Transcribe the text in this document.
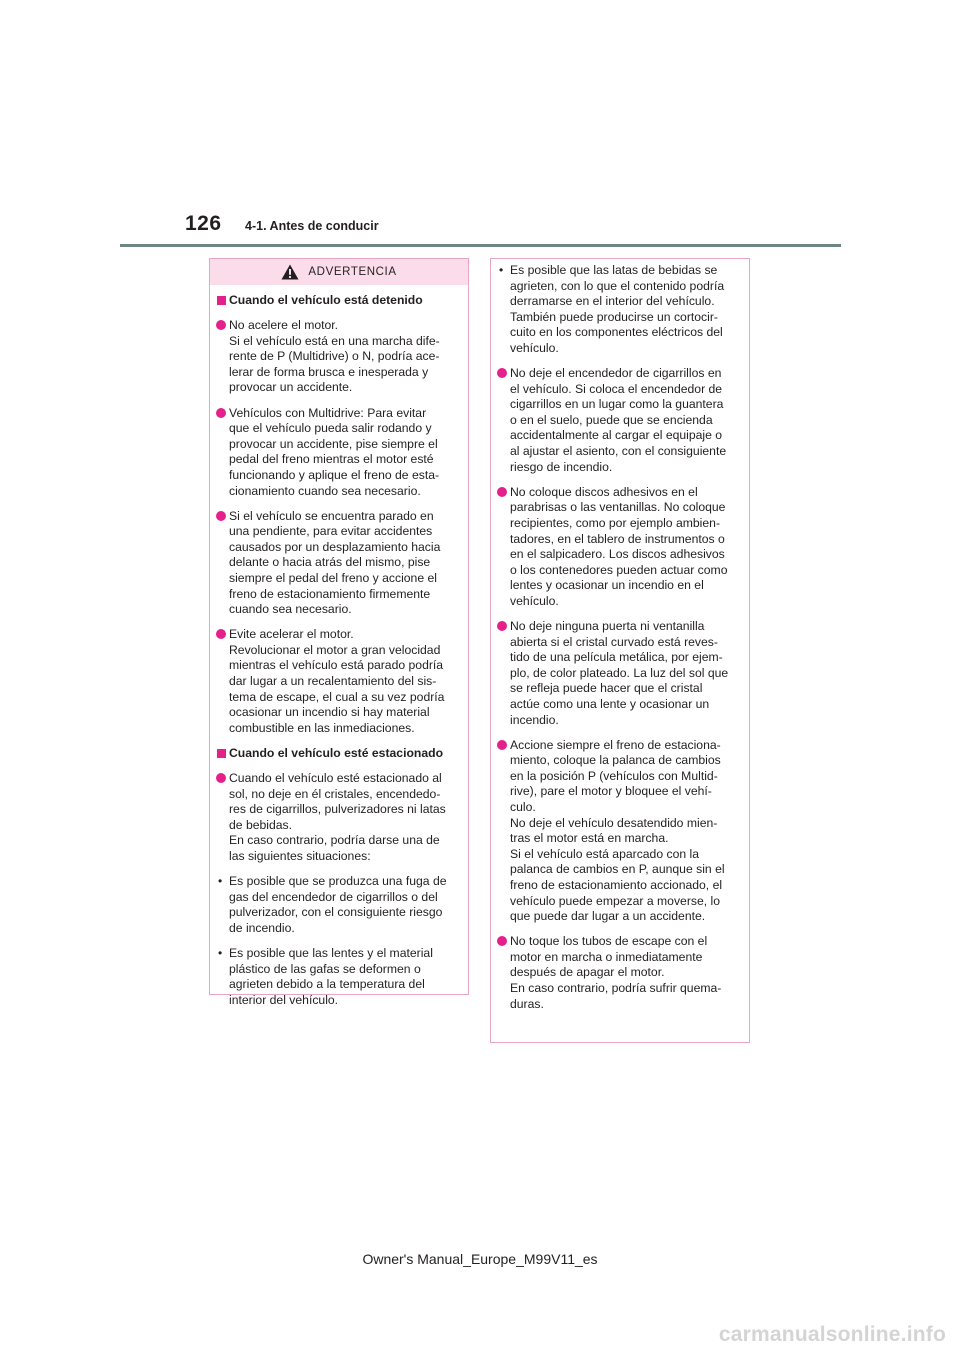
126 4-1. Antes de conducir
ADVERTENCIA
Cuando el vehículo está detenido
No acelere el motor.
Si el vehículo está en una marcha dife-
rente de P (Multidrive) o N, podría ace-
lerar de forma brusca e inesperada y
provocar un accidente.
Vehículos con Multidrive: Para evitar
que el vehículo pueda salir rodando y
provocar un accidente, pise siempre el
pedal del freno mientras el motor esté
funcionando y aplique el freno de esta-
cionamiento cuando sea necesario.
Si el vehículo se encuentra parado en
una pendiente, para evitar accidentes
causados por un desplazamiento hacia
delante o hacia atrás del mismo, pise
siempre el pedal del freno y accione el
freno de estacionamiento firmemente
cuando sea necesario.
Evite acelerar el motor.
Revolucionar el motor a gran velocidad
mientras el vehículo está parado podría
dar lugar a un recalentamiento del sis-
tema de escape, el cual a su vez podría
ocasionar un incendio si hay material
combustible en las inmediaciones.
Cuando el vehículo esté estacionado
Cuando el vehículo esté estacionado al
sol, no deje en él cristales, encendedo-
res de cigarrillos, pulverizadores ni latas
de bebidas.
En caso contrario, podría darse una de
las siguientes situaciones:
• Es posible que se produzca una fuga de
gas del encendedor de cigarrillos o del
pulverizador, con el consiguiente riesgo
de incendio.
• Es posible que las lentes y el material
plástico de las gafas se deformen o
agrieten debido a la temperatura del
interior del vehículo.
• Es posible que las latas de bebidas se
agrieten, con lo que el contenido podría
derramarse en el interior del vehículo.
También puede producirse un cortocir-
cuito en los componentes eléctricos del
vehículo.
No deje el encendedor de cigarrillos en
el vehículo. Si coloca el encendedor de
cigarrillos en un lugar como la guantera
o en el suelo, puede que se encienda
accidentalmente al cargar el equipaje o
al ajustar el asiento, con el consiguiente
riesgo de incendio.
No coloque discos adhesivos en el
parabrisas o las ventanillas. No coloque
recipientes, como por ejemplo ambien-
tadores, en el tablero de instrumentos o
en el salpicadero. Los discos adhesivos
o los contenedores pueden actuar como
lentes y ocasionar un incendio en el
vehículo.
No deje ninguna puerta ni ventanilla
abierta si el cristal curvado está reves-
tido de una película metálica, por ejem-
plo, de color plateado. La luz del sol que
se refleja puede hacer que el cristal
actúe como una lente y ocasionar un
incendio.
Accione siempre el freno de estaciona-
miento, coloque la palanca de cambios
en la posición P (vehículos con Multid-
rive), pare el motor y bloquee el vehí-
culo.
No deje el vehículo desatendido mien-
tras el motor está en marcha.
Si el vehículo está aparcado con la
palanca de cambios en P, aunque sin el
freno de estacionamiento accionado, el
vehículo puede empezar a moverse, lo
que puede dar lugar a un accidente.
No toque los tubos de escape con el
motor en marcha o inmediatamente
después de apagar el motor.
En caso contrario, podría sufrir quema-
duras.
Owner's Manual_Europe_M99V11_es
carmanualsonline.info
